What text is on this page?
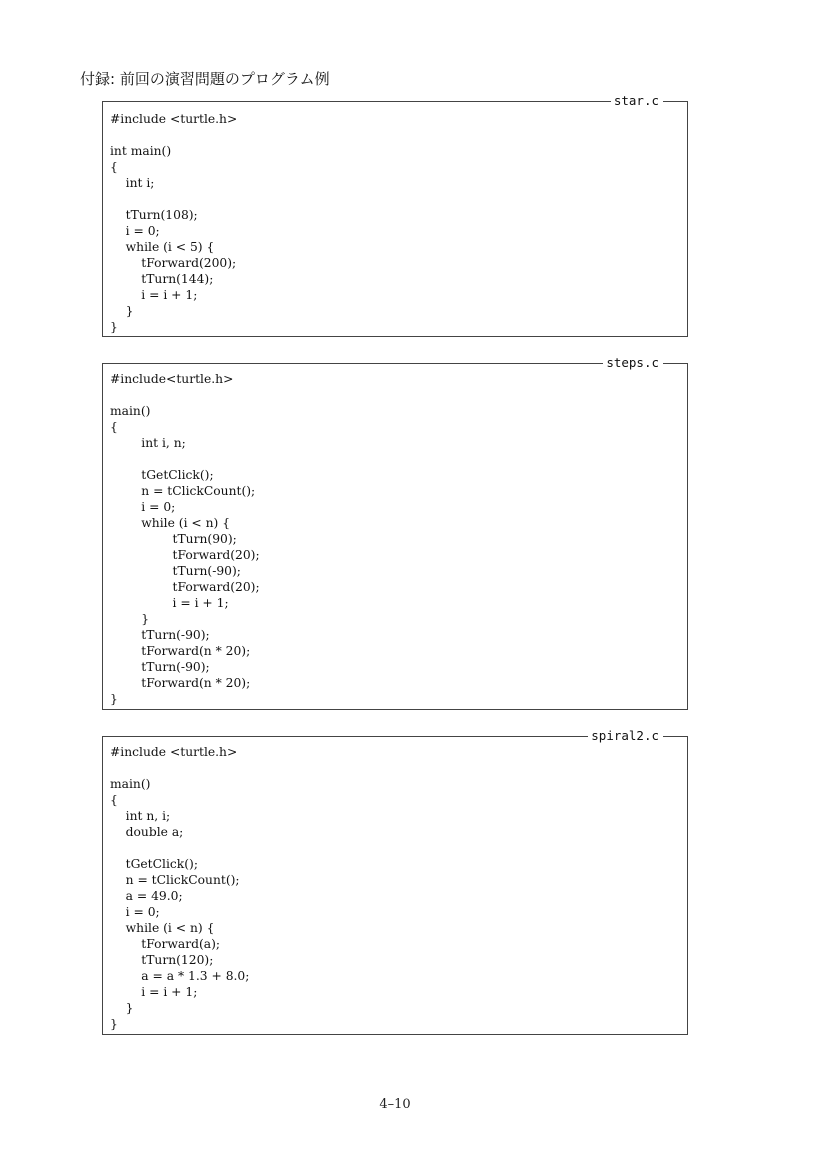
付録: 前回の演習問題のプログラム例
star.c
#include <turtle.h>

int main()
{
int i;

tTurn(108);
i = 0;
while (i < 5) {
tForward(200);
tTurn(144);
i = i + 1;
}
}
steps.c
#include<turtle.h>

main()
{
int i, n;

tGetClick();
n = tClickCount();
i = 0;
while (i < n) {
tTurn(90);
tForward(20);
tTurn(-90);
tForward(20);
i = i + 1;
}
tTurn(-90);
tForward(n * 20);
tTurn(-90);
tForward(n * 20);
}
spiral2.c
#include <turtle.h>

main()
{
int n, i;
double a;

tGetClick();
n = tClickCount();
a = 49.0;
i = 0;
while (i < n) {
tForward(a);
tTurn(120);
a = a * 1.3 + 8.0;
i = i + 1;
}
}
4–10
